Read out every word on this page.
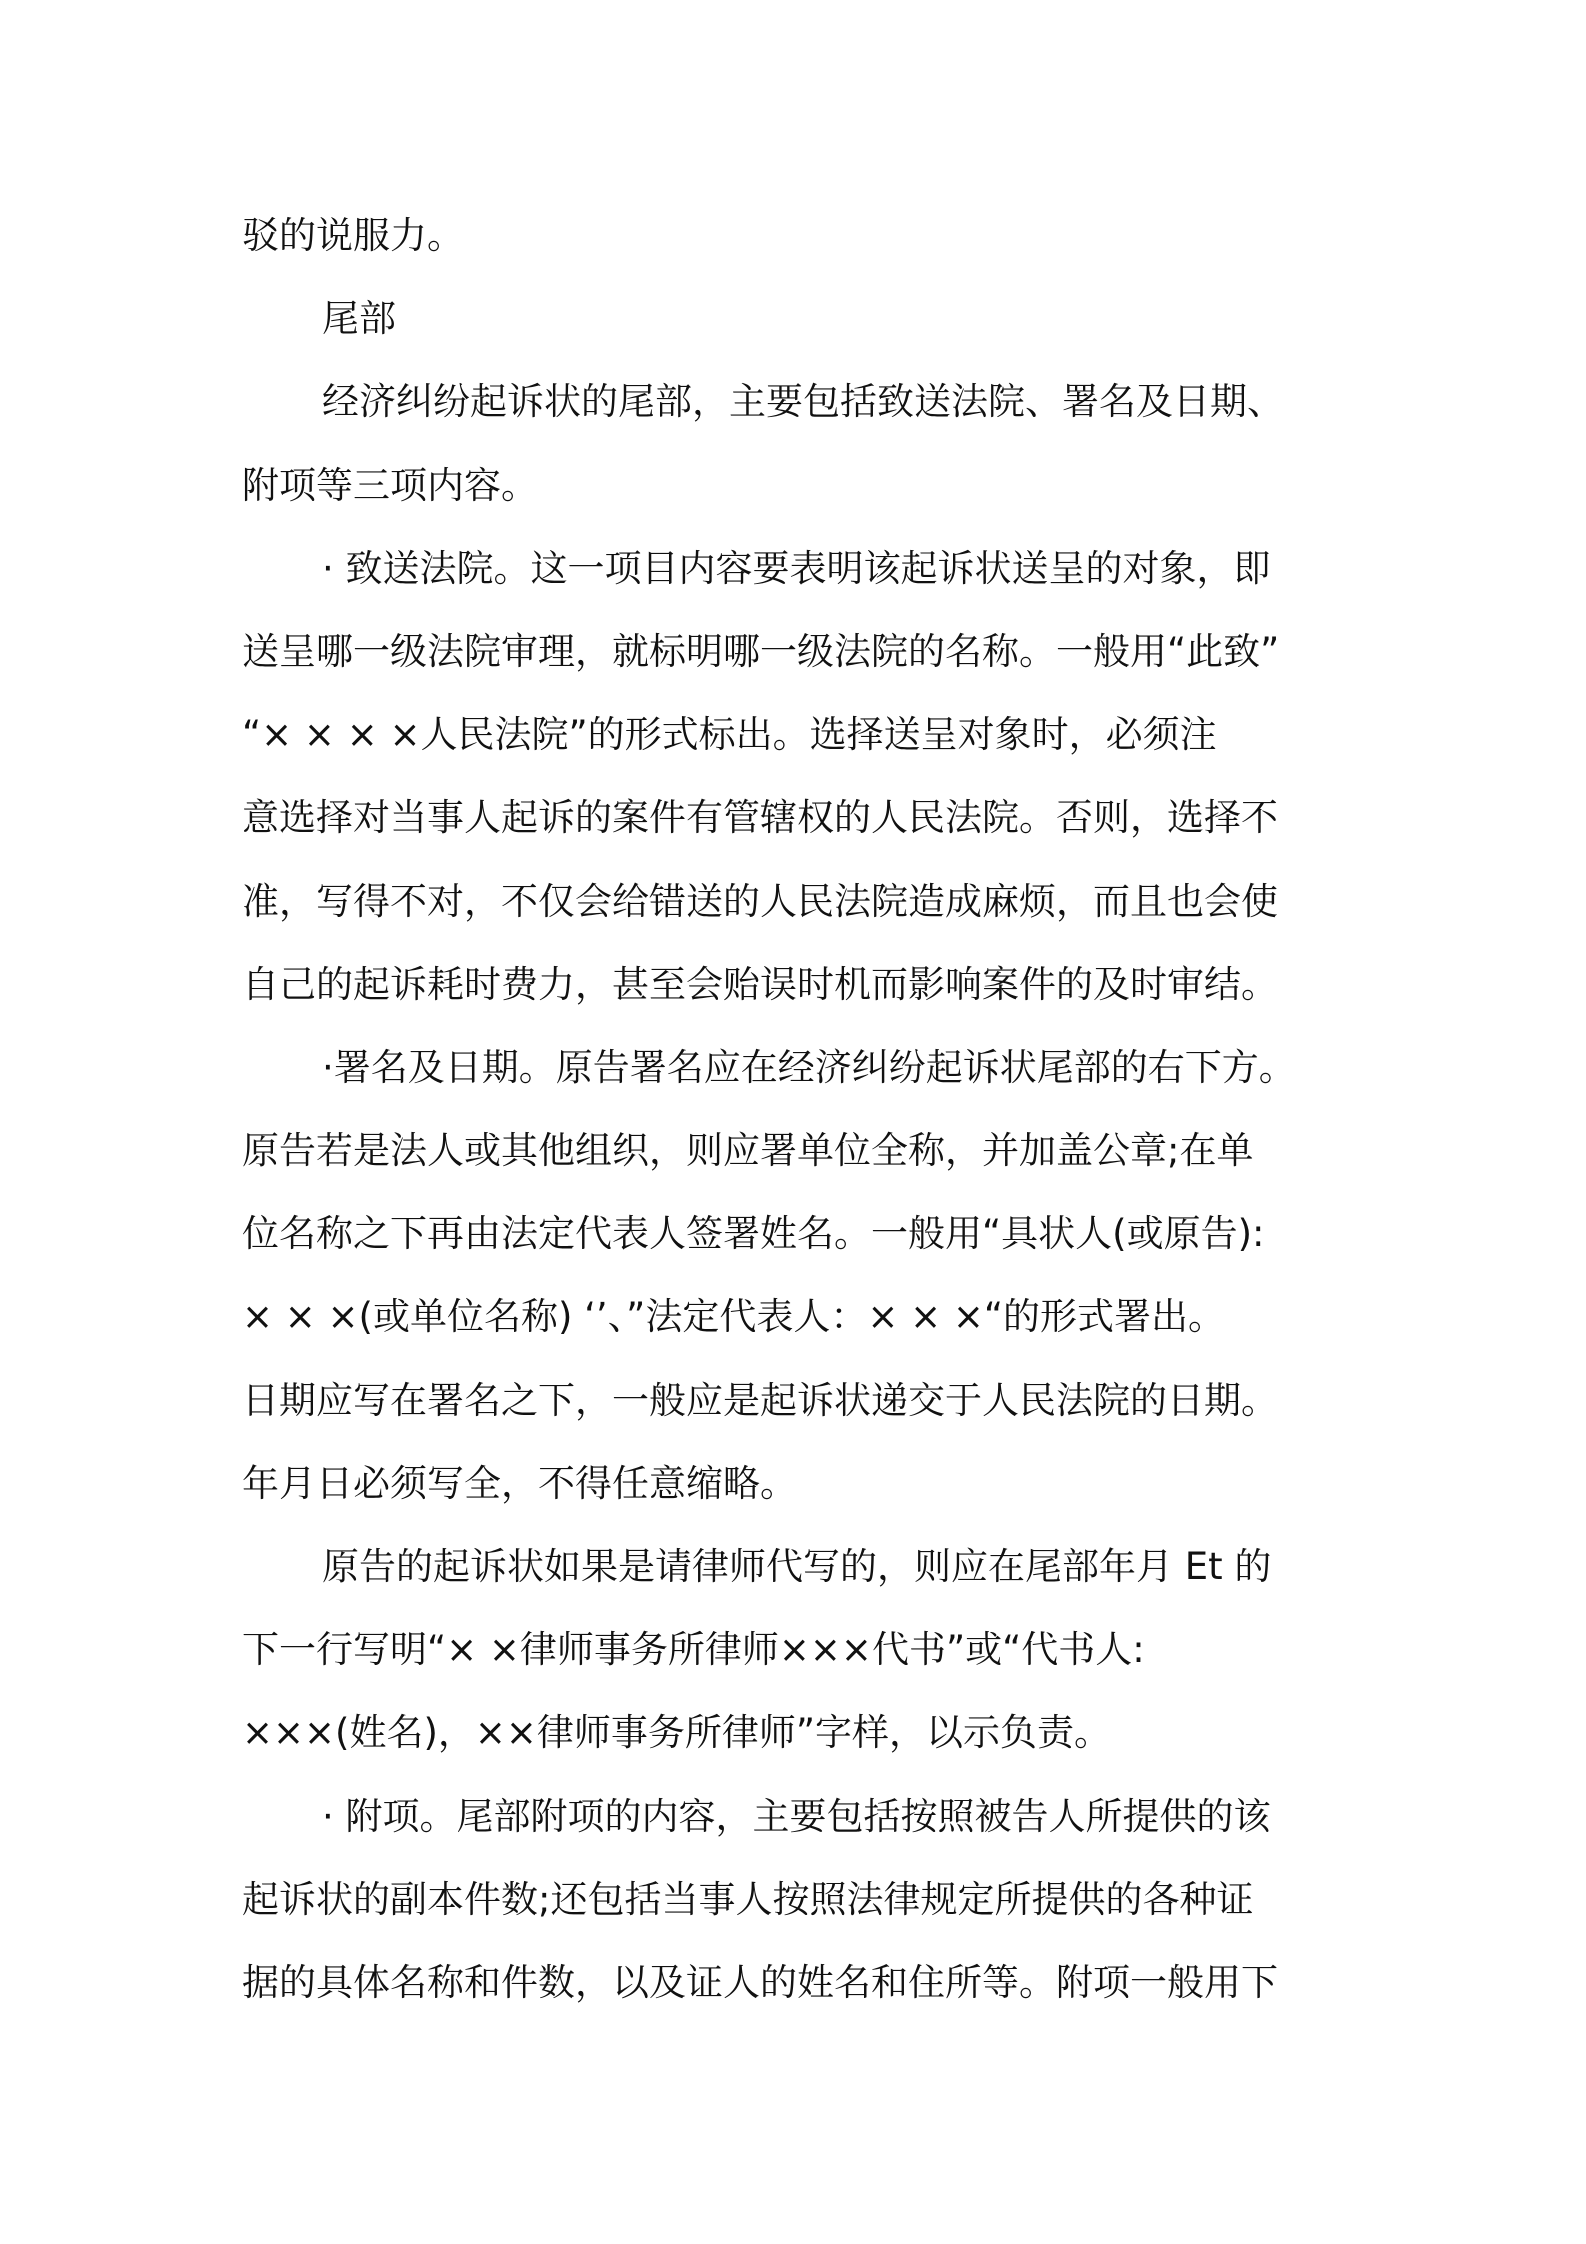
驳的说服力。
尾部
经济纠纷起诉状的尾部，主要包括致送法院、署名及日期、
附项等三项内容。
· 致送法院。这一项目内容要表明该起诉状送呈的对象，即
送呈哪一级法院审理，就标明哪一级法院的名称。一般用“此致”
“× × × ×人民法院”的形式标出。选择送呈对象时，必须注
意选择对当事人起诉的案件有管辖权的人民法院。否则，选择不
准，写得不对，不仅会给错送的人民法院造成麻烦，而且也会使
自己的起诉耗时费力，甚至会贻误时机而影响案件的及时审结。
·署名及日期。原告署名应在经济纠纷起诉状尾部的右下方。
原告若是法人或其他组织，则应署单位全称，并加盖公章;在单
位名称之下再由法定代表人签署姓名。一般用“具状人(或原告):
× × ×(或单位名称) ‘’、”法定代表人：× × ×“的形式署出。
日期应写在署名之下，一般应是起诉状递交于人民法院的日期。
年月日必须写全，不得任意缩略。
原告的起诉状如果是请律师代写的，则应在尾部年月 Et 的
下一行写明“× ×律师事务所律师×××代书”或“代书人:
×××(姓名)，××律师事务所律师”字样，以示负责。
· 附项。尾部附项的内容，主要包括按照被告人所提供的该
起诉状的副本件数;还包括当事人按照法律规定所提供的各种证
据的具体名称和件数，以及证人的姓名和住所等。附项一般用下
